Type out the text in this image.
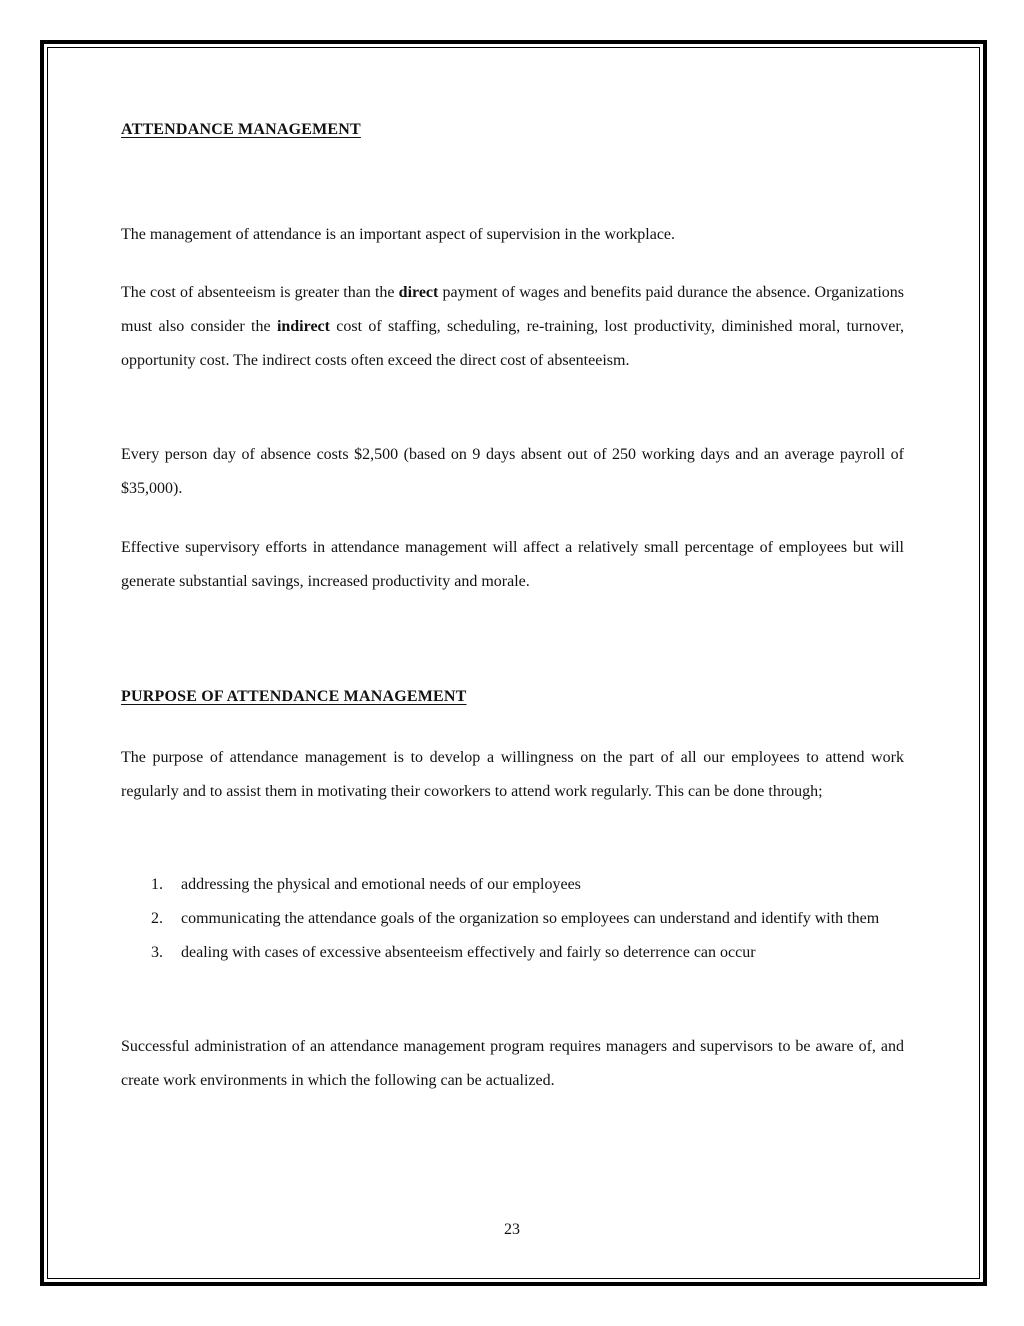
ATTENDANCE MANAGEMENT
The management of attendance is an important aspect of supervision in the workplace.
The cost of absenteeism is greater than the direct payment of wages and benefits paid durance the absence. Organizations must also consider the indirect cost of staffing, scheduling, re-training, lost productivity, diminished moral, turnover, opportunity cost. The indirect costs often exceed the direct cost of absenteeism.
Every person day of absence costs $2,500 (based on 9 days absent out of 250 working days and an average payroll of $35,000).
Effective supervisory efforts in attendance management will affect a relatively small percentage of employees but will generate substantial savings, increased productivity and morale.
PURPOSE OF ATTENDANCE MANAGEMENT
The purpose of attendance management is to develop a willingness on the part of all our employees to attend work regularly and to assist them in motivating their coworkers to attend work regularly. This can be done through;
1. addressing the physical and emotional needs of our employees
2. communicating the attendance goals of the organization so employees can understand and identify with them
3. dealing with cases of excessive absenteeism effectively and fairly so deterrence can occur
Successful administration of an attendance management program requires managers and supervisors to be aware of, and create work environments in which the following can be actualized.
23
